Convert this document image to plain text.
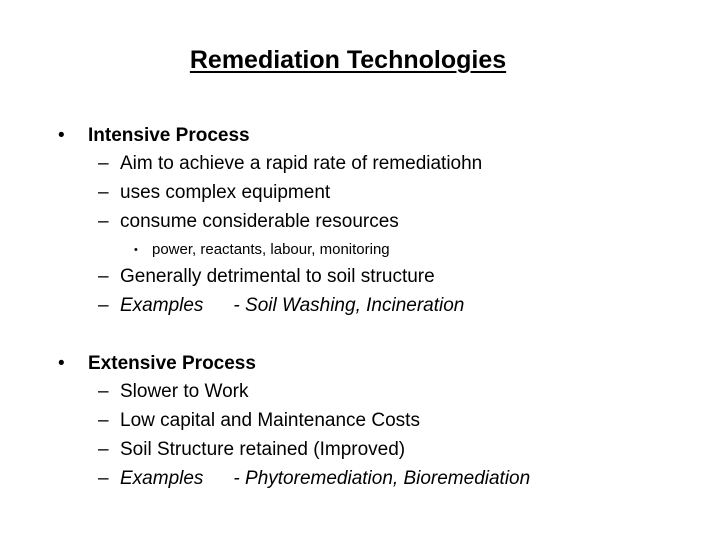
Remediation Technologies
• Intensive Process
– Aim to achieve a rapid rate of remediatiohn
– uses complex equipment
– consume considerable resources
• power, reactants, labour, monitoring
– Generally detrimental to soil structure
– Examples - Soil Washing, Incineration
• Extensive Process
– Slower to Work
– Low capital and Maintenance Costs
– Soil Structure retained (Improved)
– Examples - Phytoremediation, Bioremediation
